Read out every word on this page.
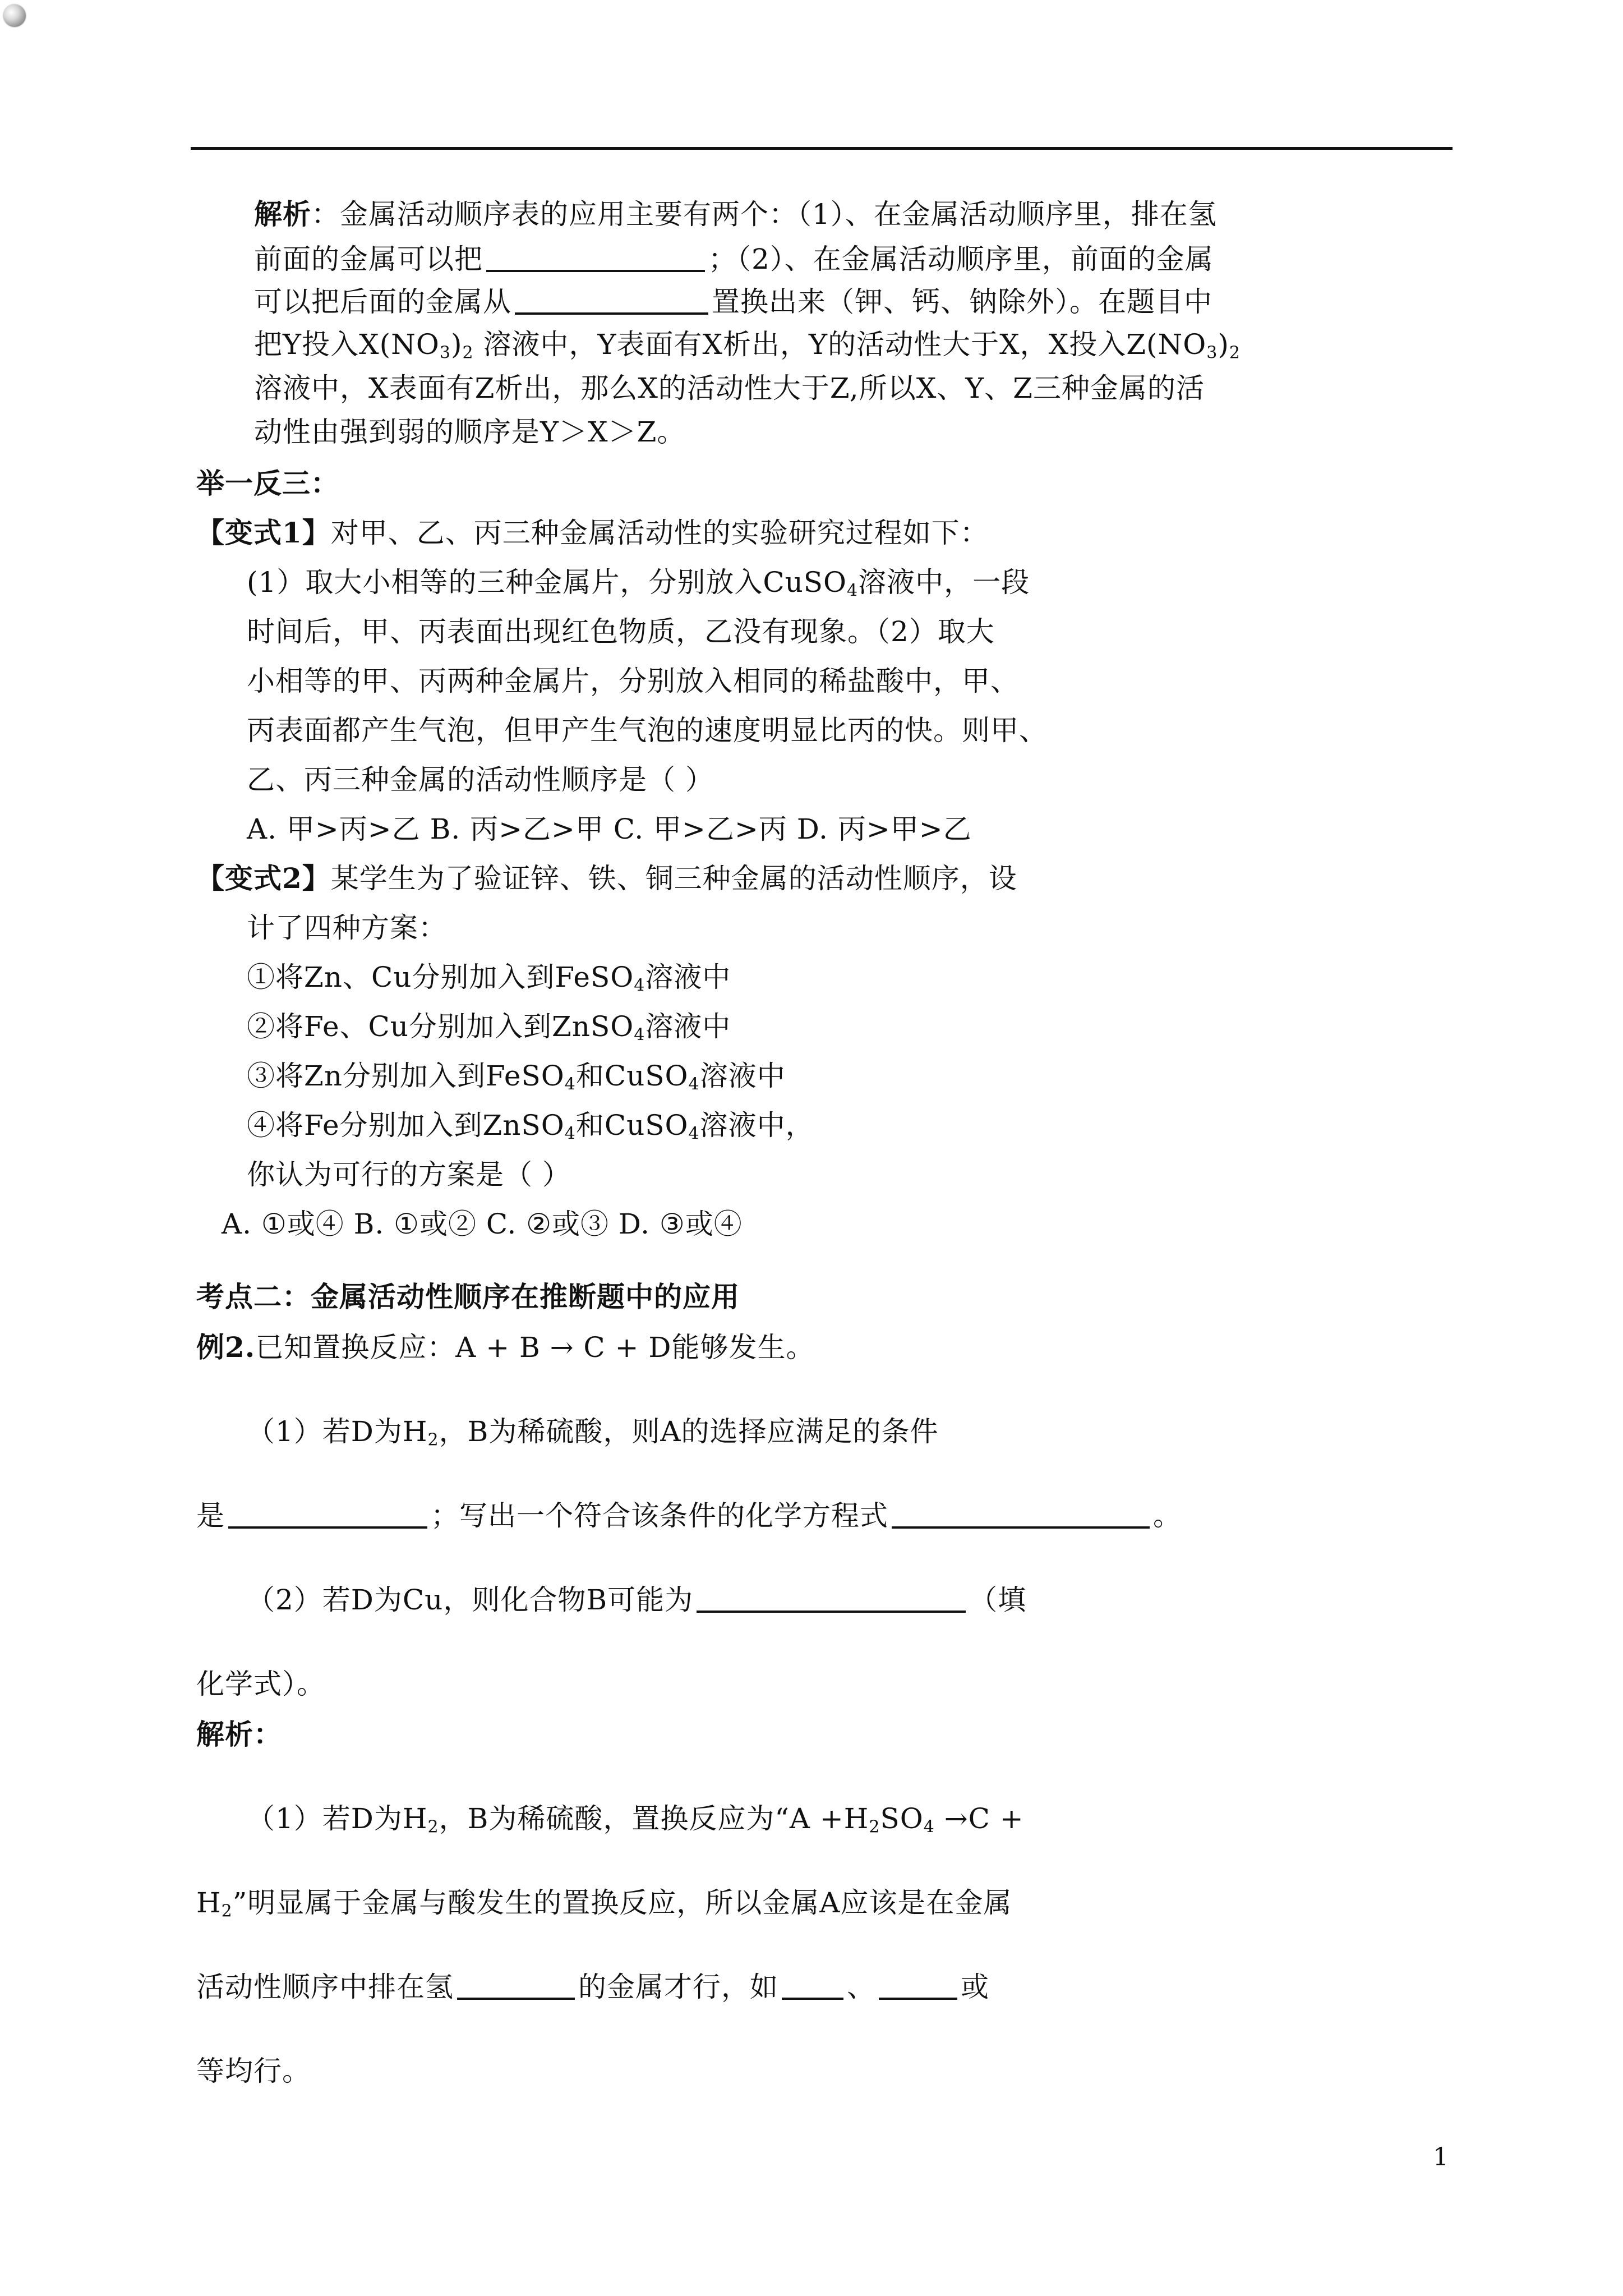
解析：金属活动顺序表的应用主要有两个：（1）、在金属活动顺序里，排在氢
前面的金属可以把	；（2）、在金属活动顺序里，前面的金属
可以把后面的金属从	置换出来（钾、钙、钠除外）。在题目中
把Y投入$X(NO_3)_2$ 溶液中，Y表面有X析出，Y的活动性大于X，X投入$Z(NO_3)_2$
溶液中，X表面有Z析出，那么X的活动性大于Z,所以X、Y、Z三种金属的活
动性由强到弱的顺序是Y＞X＞Z。
举一反三：
【变式1】对甲、乙、丙三种金属活动性的实验研究过程如下：
(1）取大小相等的三种金属片，分别放入CuSO$_4$溶液中，一段
时间后，甲、丙表面出现红色物质，乙没有现象。（2）取大
小相等的甲、丙两种金属片，分别放入相同的稀盐酸中，甲、
丙表面都产生气泡，但甲产生气泡的速度明显比丙的快。则甲、
乙、丙三种金属的活动性顺序是（ ）
A. 甲>丙>乙 B. 丙>乙>甲 C. 甲>乙>丙 D. 丙>甲>乙
【变式2】某学生为了验证锌、铁、铜三种金属的活动性顺序，设
计了四种方案：
①将Zn、Cu分别加入到FeSO$_4$溶液中
②将Fe、Cu分别加入到ZnSO$_4$溶液中
③将Zn分别加入到FeSO$_4$和CuSO$_4$溶液中
④将Fe分别加入到ZnSO$_4$和CuSO$_4$溶液中，
你认为可行的方案是（ ）
A. ①或④ B. ①或② C. ②或③ D. ③或④
考点二：金属活动性顺序在推断题中的应用
例2.已知置换反应：A + B → C + D能够发生。
（1）若D为$H_2$，B为稀硫酸，则A的选择应满足的条件
是	；写出一个符合该条件的化学方程式	。
（2）若D为Cu，则化合物B可能为	（填
化学式）。
解析：
（1）若D为$H_2$，B为稀硫酸，置换反应为“$A +H_2SO_4 \to C$ +
$H_2$”明显属于金属与酸发生的置换反应，所以金属A应该是在金属
活动性顺序中排在氢	的金属才行，如 、	或
等均行。
1
